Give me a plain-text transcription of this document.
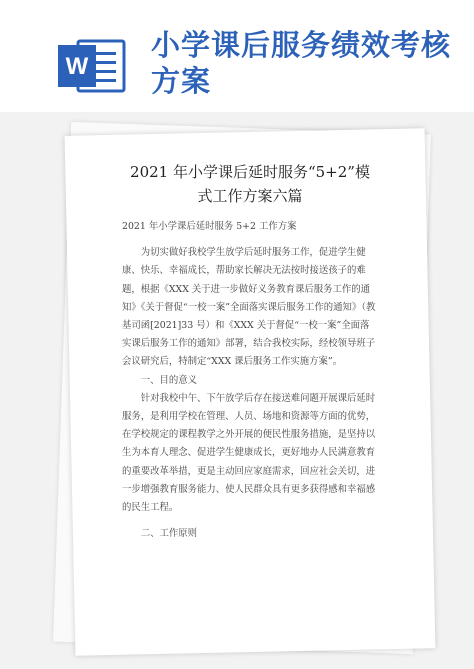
W
小学课后服务绩效考核方案
2021 年小学课后延时服务“5+2”模式工作方案六篇

2021 年小学课后延时服务 5+2 工作方案

为切实做好我校学生放学后延时服务工作，促进学生健康、快乐、幸福成长，帮助家长解决无法按时接送孩子的难题，根据《XXX 关于进一步做好义务教育课后服务工作的通知》《关于督促“一校一案”全面落实课后服务工作的通知》（教基司函[2021]33 号）和《XXX 关于督促“一校一案”全面落实课后服务工作的通知》部署，结合我校实际，经校领导班子会议研究后，特制定“XXX 课后服务工作实施方案”。

一、目的意义

针对我校中午、下午放学后存在接送难问题开展课后延时服务，是利用学校在管理、人员、场地和资源等方面的优势，在学校规定的课程教学之外开展的便民性服务措施，是坚持以生为本育人理念、促进学生健康成长，更好地办人民满意教育的重要改革举措，更是主动回应家庭需求，回应社会关切，进一步增强教育服务能力、使人民群众具有更多获得感和幸福感的民生工程。

二、工作原则
